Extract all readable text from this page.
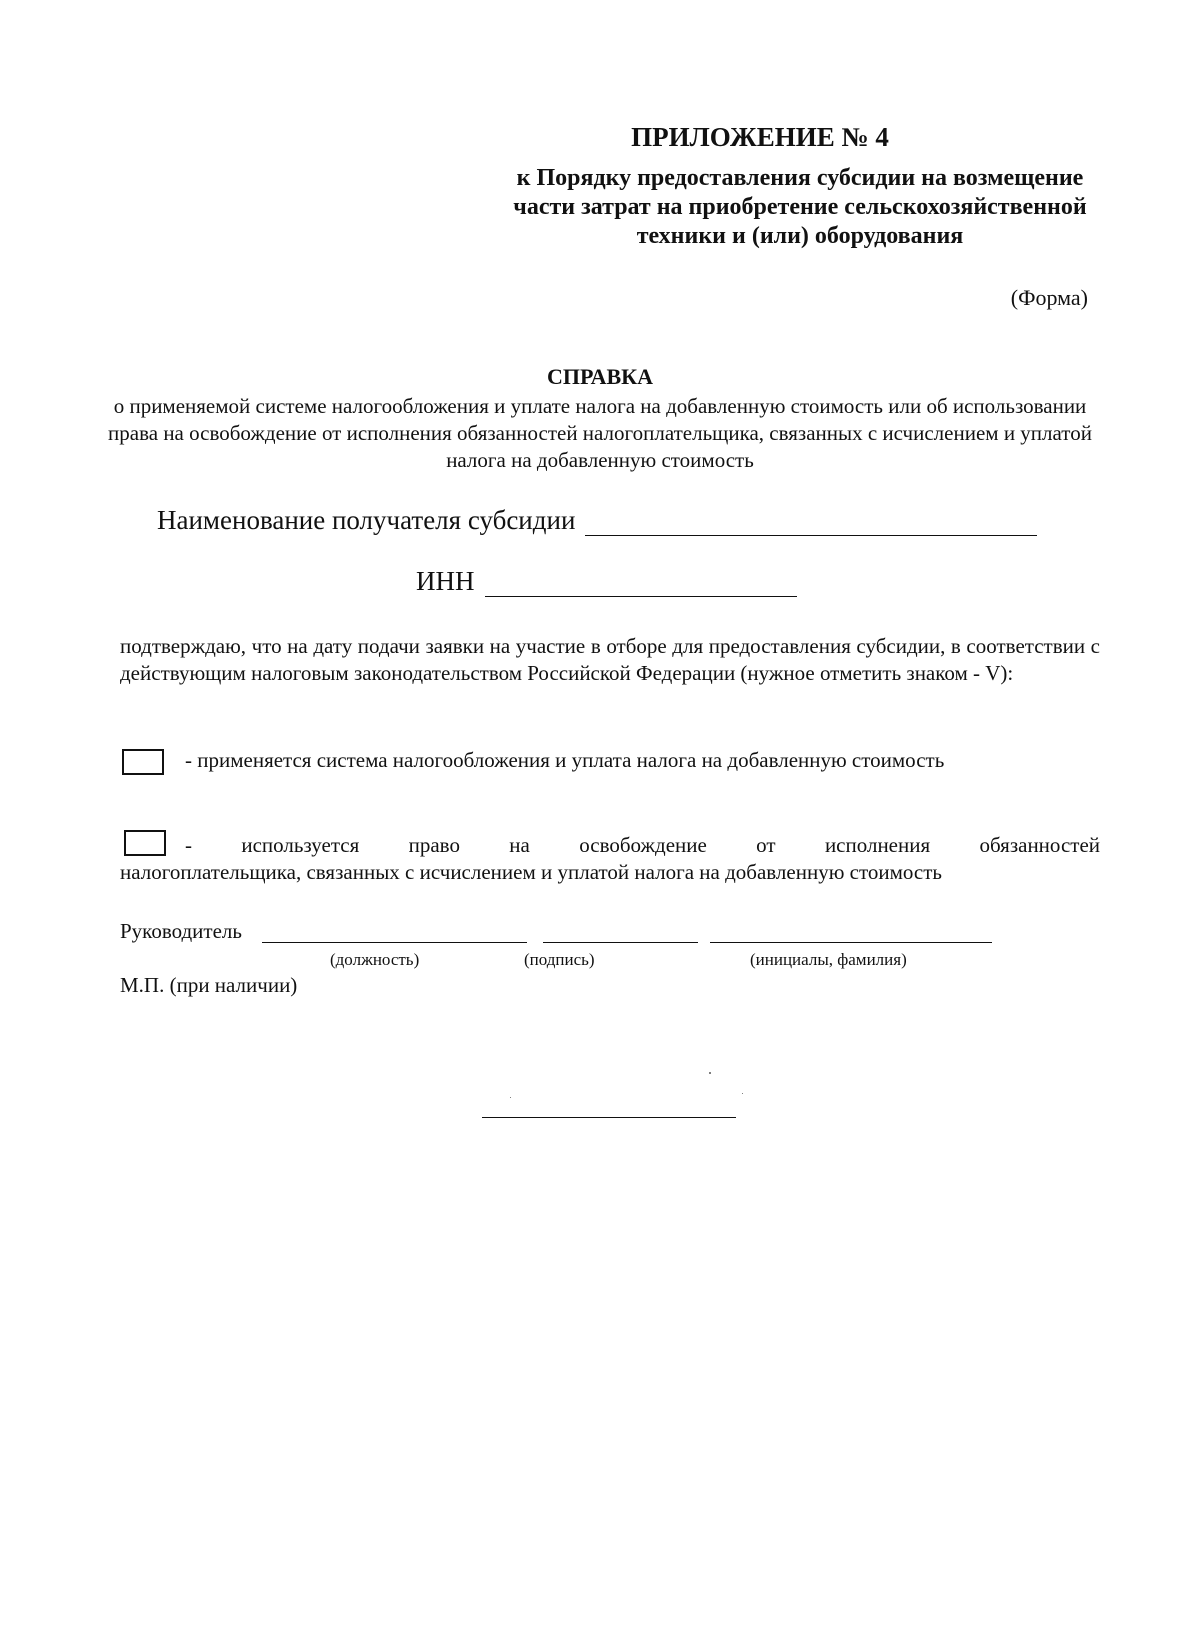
ПРИЛОЖЕНИЕ № 4
к Порядку предоставления субсидии на возмещение части затрат на приобретение сельскохозяйственной техники и (или) оборудования
(Форма)
СПРАВКА
о применяемой системе налогообложения и уплате налога на добавленную стоимость или об использовании права на освобождение от исполнения обязанностей налогоплательщика, связанных с исчислением и уплатой налога на добавленную стоимость
Наименование получателя субсидии
ИНН
подтверждаю, что на дату подачи заявки на участие в отборе для предоставления субсидии, в соответствии с действующим налоговым законодательством Российской Федерации (нужное отметить знаком - V):
- применяется система налогообложения и уплата налога на добавленную стоимость
- используется право на освобождение от исполнения обязанностей
налогоплательщика, связанных с исчислением и уплатой налога на добавленную стоимость
Руководитель
(должность)	(подпись)	(инициалы, фамилия)
М.П. (при наличии)
